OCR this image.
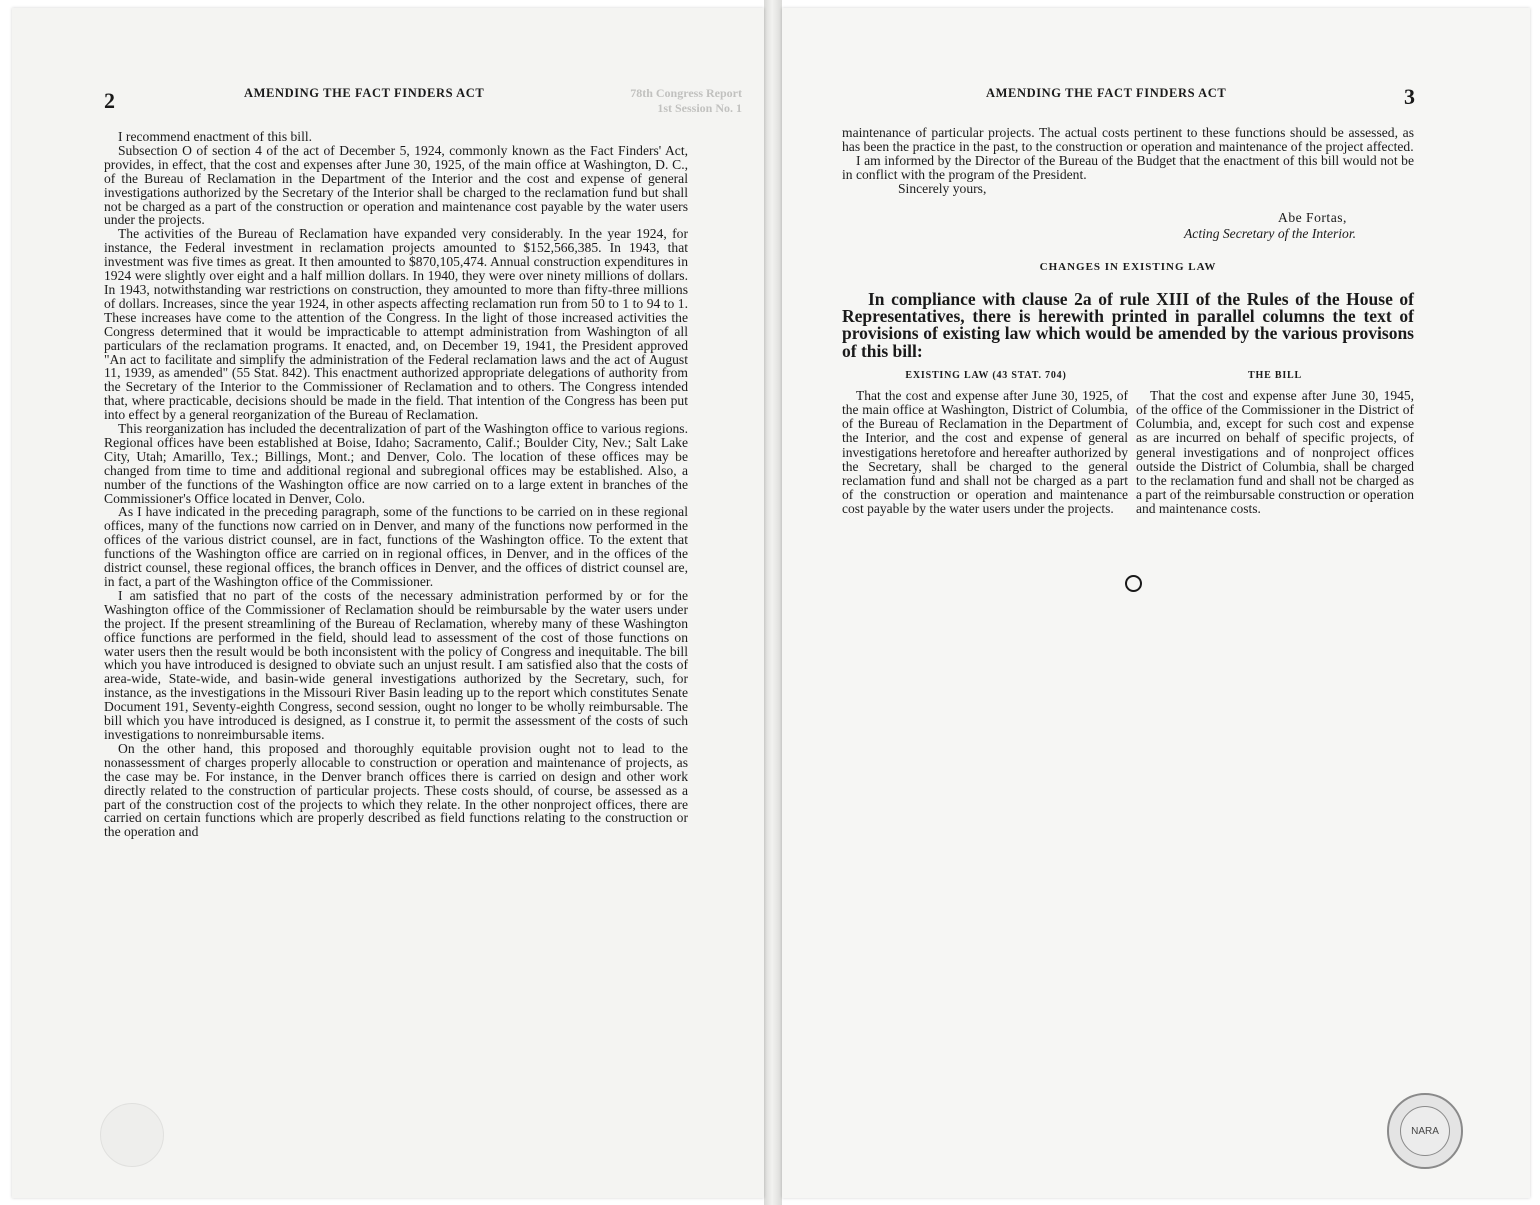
78th Congress Report
1st Session No. 1
2	AMENDING THE FACT FINDERS ACT

I recommend enactment of this bill.

Subsection O of section 4 of the act of December 5, 1924, commonly known as the Fact Finders' Act, provides, in effect, that the cost and expenses after June 30, 1925, of the main office at Washington, D. C., of the Bureau of Reclamation in the Department of the Interior and the cost and expense of general investigations authorized by the Secretary of the Interior shall be charged to the reclamation fund but shall not be charged as a part of the construction or operation and maintenance cost payable by the water users under the projects.

The activities of the Bureau of Reclamation have expanded very considerably. In the year 1924, for instance, the Federal investment in reclamation projects amounted to $152,566,385. In 1943, that investment was five times as great. It then amounted to $870,105,474. Annual construction expenditures in 1924 were slightly over eight and a half million dollars. In 1940, they were over ninety millions of dollars. In 1943, notwithstanding war restrictions on construction, they amounted to more than fifty-three millions of dollars. Increases, since the year 1924, in other aspects affecting reclamation run from 50 to 1 to 94 to 1. These increases have come to the attention of the Congress. In the light of those increased activities the Congress determined that it would be impracticable to attempt administration from Washington of all particulars of the reclamation programs. It enacted, and, on December 19, 1941, the President approved "An act to facilitate and simplify the administration of the Federal reclamation laws and the act of August 11, 1939, as amended" (55 Stat. 842). This enactment authorized appropriate delegations of authority from the Secretary of the Interior to the Commissioner of Reclamation and to others. The Congress intended that, where practicable, decisions should be made in the field. That intention of the Congress has been put into effect by a general reorganization of the Bureau of Reclamation.

This reorganization has included the decentralization of part of the Washington office to various regions. Regional offices have been established at Boise, Idaho; Sacramento, Calif.; Boulder City, Nev.; Salt Lake City, Utah; Amarillo, Tex.; Billings, Mont.; and Denver, Colo. The location of these offices may be changed from time to time and additional regional and subregional offices may be established. Also, a number of the functions of the Washington office are now carried on to a large extent in branches of the Commissioner's Office located in Denver, Colo.

As I have indicated in the preceding paragraph, some of the functions to be carried on in these regional offices, many of the functions now carried on in Denver, and many of the functions now performed in the offices of the various district counsel, are in fact, functions of the Washington office. To the extent that functions of the Washington office are carried on in regional offices, in Denver, and in the offices of the district counsel, these regional offices, the branch offices in Denver, and the offices of district counsel are, in fact, a part of the Washington office of the Commissioner.

I am satisfied that no part of the costs of the necessary administration performed by or for the Washington office of the Commissioner of Reclamation should be reimbursable by the water users under the project. If the present streamlining of the Bureau of Reclamation, whereby many of these Washington office functions are performed in the field, should lead to assessment of the cost of those functions on water users then the result would be both inconsistent with the policy of Congress and inequitable. The bill which you have introduced is designed to obviate such an unjust result. I am satisfied also that the costs of area-wide, State-wide, and basin-wide general investigations authorized by the Secretary, such, for instance, as the investigations in the Missouri River Basin leading up to the report which constitutes Senate Document 191, Seventy-eighth Congress, second session, ought no longer to be wholly reimbursable. The bill which you have introduced is designed, as I construe it, to permit the assessment of the costs of such investigations to nonreimbursable items.

On the other hand, this proposed and thoroughly equitable provision ought not to lead to the nonassessment of charges properly allocable to construction or operation and maintenance of projects, as the case may be. For instance, in the Denver branch offices there is carried on design and other work directly related to the construction of particular projects. These costs should, of course, be assessed as a part of the construction cost of the projects to which they relate. In the other nonproject offices, there are carried on certain functions which are properly described as field functions relating to the construction or the operation and

AMENDING THE FACT FINDERS ACT	3

maintenance of particular projects. The actual costs pertinent to these functions should be assessed, as has been the practice in the past, to the construction or operation and maintenance of the project affected.

I am informed by the Director of the Bureau of the Budget that the enactment of this bill would not be in conflict with the program of the President.

Sincerely yours,

Abe Fortas,
Acting Secretary of the Interior.
CHANGES IN EXISTING LAW
In compliance with clause 2a of rule XIII of the Rules of the House of Representatives, there is herewith printed in parallel columns the text of provisions of existing law which would be amended by the various provisons of this bill:
EXISTING LAW (43 STAT. 704)	THE BILL
That the cost and expense after June 30, 1925, of the main office at Washington, District of Columbia, of the Bureau of Reclamation in the Department of the Interior, and the cost and expense of general investigations heretofore and hereafter authorized by the Secretary, shall be charged to the general reclamation fund and shall not be charged as a part of the construction or operation and maintenance cost payable by the water users under the projects.
That the cost and expense after June 30, 1945, of the office of the Commissioner in the District of Columbia, and, except for such cost and expense as are incurred on behalf of specific projects, of general investigations and of nonproject offices outside the District of Columbia, shall be charged to the reclamation fund and shall not be charged as a part of the reimbursable construction or operation and maintenance costs.
NARA
